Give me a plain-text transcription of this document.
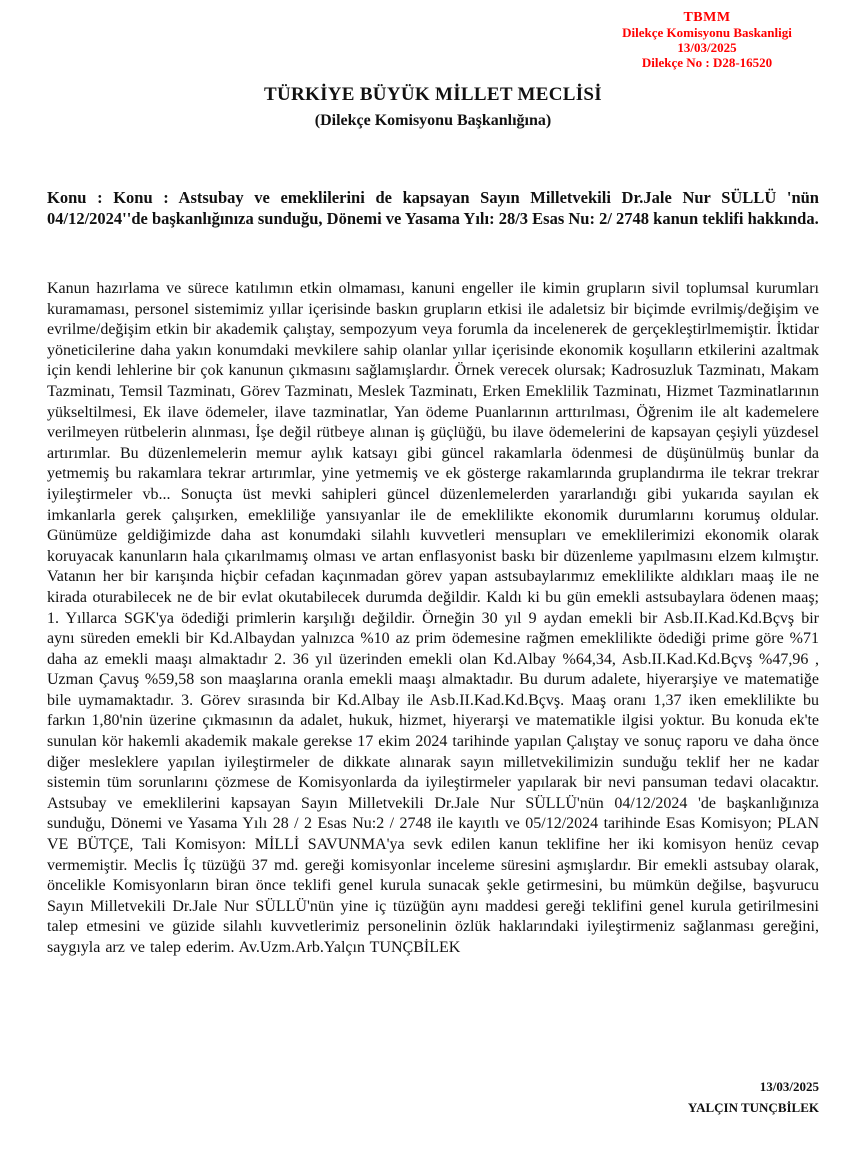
TBMM
Dilekçe Komisyonu Baskanligi
13/03/2025
Dilekçe No : D28-16520
TÜRKİYE BÜYÜK MİLLET MECLİSİ
(Dilekçe Komisyonu Başkanlığına)
Konu : Konu : Astsubay ve emeklilerini de kapsayan Sayın Milletvekili Dr.Jale Nur SÜLLÜ 'nün 04/12/2024''de başkanlığınıza sunduğu, Dönemi ve Yasama Yılı: 28/3 Esas Nu: 2/ 2748 kanun teklifi hakkında.
Kanun hazırlama ve sürece katılımın etkin olmaması, kanuni engeller ile kimin grupların sivil toplumsal kurumları kuramaması, personel sistemimiz yıllar içerisinde baskın grupların etkisi ile adaletsiz bir biçimde evrilmiş/değişim ve evrilme/değişim etkin bir akademik çalıştay, sempozyum veya forumla da incelenerek de gerçekleştirlmemiştir. İktidar yöneticilerine daha yakın konumdaki mevkilere sahip olanlar yıllar içerisinde ekonomik koşulların etkilerini azaltmak için kendi lehlerine bir çok kanunun çıkmasını sağlamışlardır. Örnek verecek olursak; Kadrosuzluk Tazminatı, Makam Tazminatı, Temsil Tazminatı, Görev Tazminatı, Meslek Tazminatı, Erken Emeklilik Tazminatı, Hizmet Tazminatlarının yükseltilmesi, Ek ilave ödemeler, ilave tazminatlar, Yan ödeme Puanlarının arttırılması, Öğrenim ile alt kademelere verilmeyen rütbelerin alınması, İşe değil rütbeye alınan iş güçlüğü, bu ilave ödemelerini de kapsayan çeşiyli yüzdesel artırımlar. Bu düzenlemelerin memur aylık katsayı gibi güncel rakamlarla ödenmesi de düşünülmüş bunlar da yetmemiş bu rakamlara tekrar artırımlar, yine yetmemiş ve ek gösterge rakamlarında gruplandırma ile tekrar trekrar iyileştirmeler vb... Sonuçta üst mevki sahipleri güncel düzenlemelerden yararlandığı gibi yukarıda sayılan ek imkanlarla gerek çalışırken, emekliliğe yansıyanlar ile de emeklilikte ekonomik durumlarını korumuş oldular. Günümüze geldiğimizde daha ast konumdaki silahlı kuvvetleri mensupları ve emeklilerimizi ekonomik olarak koruyacak kanunların hala çıkarılmamış olması ve artan enflasyonist baskı bir düzenleme yapılmasını elzem kılmıştır. Vatanın her bir karışında hiçbir cefadan kaçınmadan görev yapan astsubaylarımız emeklilikte aldıkları maaş ile ne kirada oturabilecek ne de bir evlat okutabilecek durumda değildir. Kaldı ki bu gün emekli astsubaylara ödenen maaş; 1. Yıllarca SGK'ya ödediği primlerin karşılığı değildir. Örneğin 30 yıl 9 aydan emekli bir Asb.II.Kad.Kd.Bçvş bir aynı süreden emekli bir Kd.Albaydan yalnızca %10 az prim ödemesine rağmen emeklilikte ödediği prime göre %71 daha az emekli maaşı almaktadır 2. 36 yıl üzerinden emekli olan Kd.Albay %64,34, Asb.II.Kad.Kd.Bçvş %47,96 , Uzman Çavuş %59,58 son maaşlarına oranla emekli maaşı almaktadır. Bu durum adalete, hiyerarşiye ve matematiğe bile uymamaktadır. 3. Görev sırasında bir Kd.Albay ile Asb.II.Kad.Kd.Bçvş. Maaş oranı 1,37 iken emeklilikte bu farkın 1,80'nin üzerine çıkmasının da adalet, hukuk, hizmet, hiyerarşi ve matematikle ilgisi yoktur. Bu konuda ek'te sunulan kör hakemli akademik makale gerekse 17 ekim 2024 tarihinde yapılan Çalıştay ve sonuç raporu ve daha önce diğer mesleklere yapılan iyileştirmeler de dikkate alınarak sayın milletvekilimizin sunduğu teklif her ne kadar sistemin tüm sorunlarını çözmese de Komisyonlarda da iyileştirmeler yapılarak bir nevi pansuman tedavi olacaktır. Astsubay ve emeklilerini kapsayan Sayın Milletvekili Dr.Jale Nur SÜLLÜ'nün 04/12/2024 'de başkanlığınıza sunduğu, Dönemi ve Yasama Yılı 28 / 2 Esas Nu:2 / 2748 ile kayıtlı ve 05/12/2024 tarihinde Esas Komisyon; PLAN VE BÜTÇE, Tali Komisyon: MİLLİ SAVUNMA'ya sevk edilen kanun teklifine her iki komisyon henüz cevap vermemiştir. Meclis İç tüzüğü 37 md. gereği komisyonlar inceleme süresini aşmışlardır. Bir emekli astsubay olarak, öncelikle Komisyonların biran önce teklifi genel kurula sunacak şekle getirmesini, bu mümkün değilse, başvurucu Sayın Milletvekili Dr.Jale Nur SÜLLÜ'nün yine iç tüzüğün aynı maddesi gereği teklifini genel kurula getirilmesini talep etmesini ve güzide silahlı kuvvetlerimiz personelinin özlük haklarındaki iyileştirmeniz sağlanması gereğini, saygıyla arz ve talep ederim. Av.Uzm.Arb.Yalçın TUNÇBİLEK
13/03/2025
YALÇIN TUNÇBİLEK
